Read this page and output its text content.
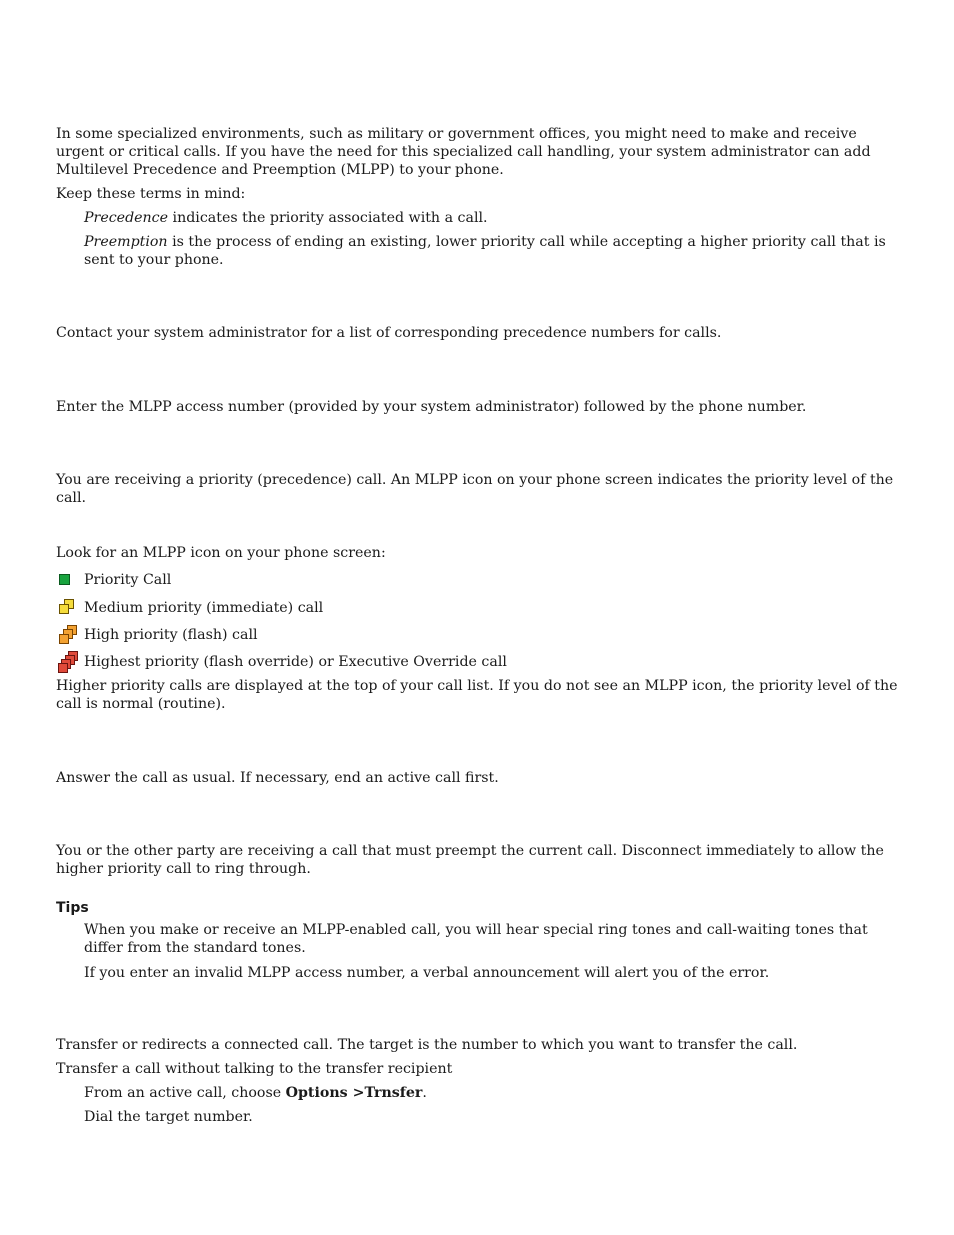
In some specialized environments, such as military or government offices, you might need to make and receive urgent or critical calls. If you have the need for this specialized call handling, your system administrator can add Multilevel Precedence and Preemption (MLPP) to your phone.

Keep these terms in mind:

Precedence indicates the priority associated with a call.

Preemption is the process of ending an existing, lower priority call while accepting a higher priority call that is sent to your phone.

Contact your system administrator for a list of corresponding precedence numbers for calls.

Enter the MLPP access number (provided by your system administrator) followed by the phone number.

You are receiving a priority (precedence) call. An MLPP icon on your phone screen indicates the priority level of the call.

Look for an MLPP icon on your phone screen:

Priority Call
Medium priority (immediate) call
High priority (flash) call
Highest priority (flash override) or Executive Override call

Higher priority calls are displayed at the top of your call list. If you do not see an MLPP icon, the priority level of the call is normal (routine).

Answer the call as usual. If necessary, end an active call first.

You or the other party are receiving a call that must preempt the current call. Disconnect immediately to allow the higher priority call to ring through.

Tips

When you make or receive an MLPP-enabled call, you will hear special ring tones and call-waiting tones that differ from the standard tones.

If you enter an invalid MLPP access number, a verbal announcement will alert you of the error.

Transfer or redirects a connected call. The target is the number to which you want to transfer the call.

Transfer a call without talking to the transfer recipient

From an active call, choose Options >Trnsfer.

Dial the target number.
